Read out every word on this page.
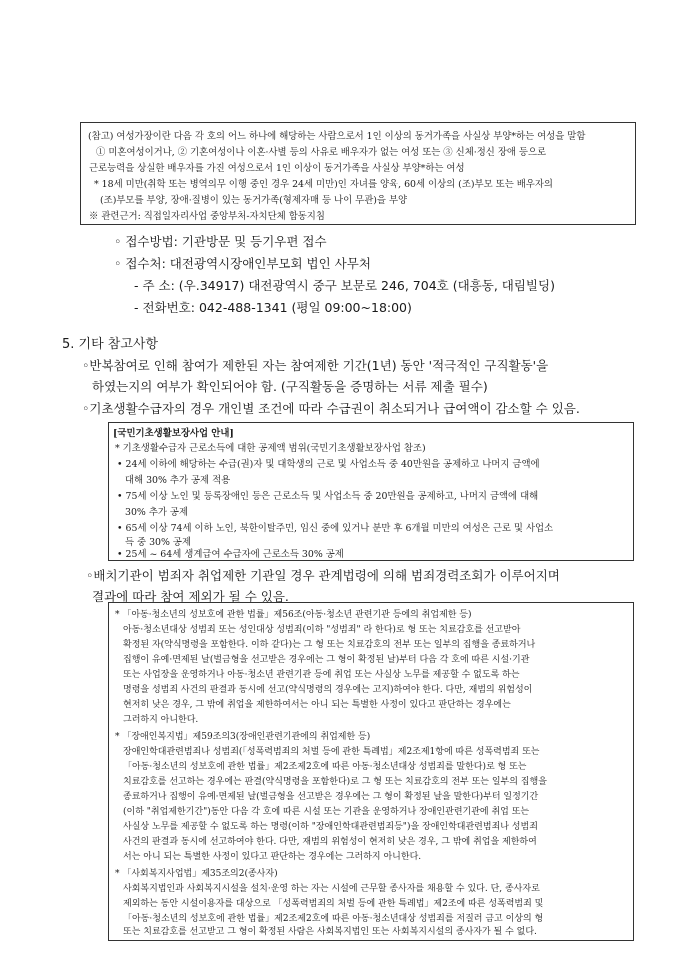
(참고) 여성가장이란 다음 각 호의 어느 하나에 해당하는 사람으로서 1인 이상의 동거가족을 사실상 부양*하는 여성을 말함
① 미혼여성이거나, ② 기혼여성이나 이혼·사별 등의 사유로 배우자가 없는 여성 또는 ③ 신체·정신 장애 등으로
근로능력을 상실한 배우자를 가진 여성으로서 1인 이상이 동거가족을 사실상 부양*하는 여성
* 18세 미만(취학 또는 병역의무 이행 중인 경우 24세 미만)인 자녀를 양육, 60세 이상의 (조)부모 또는 배우자의
(조)부모를 부양, 장애·질병이 있는 동거가족(형제자매 등 나이 무관)을 부양
※ 관련근거: 직접일자리사업 중앙부처-자치단체 합동지침
◦ 접수방법: 기관방문 및 등기우편 접수
◦ 접수처: 대전광역시장애인부모회 법인 사무처
- 주 소: (우.34917) 대전광역시 중구 보문로 246, 704호 (대흥동, 대림빌딩)
- 전화번호: 042-488-1341 (평일 09:00~18:00)
5. 기타 참고사항
◦반복참여로 인해 참여가 제한된 자는 참여제한 기간(1년) 동안 '적극적인 구직활동'을
하였는지의 여부가 확인되어야 함. (구직활동을 증명하는 서류 제출 필수)
◦기초생활수급자의 경우 개인별 조건에 따라 수급권이 취소되거나 급여액이 감소할 수 있음.
[국민기초생활보장사업 안내]
* 기초생활수급자 근로소득에 대한 공제액 범위(국민기초생활보장사업 참조)
• 24세 이하에 해당하는 수급(권)자 및 대학생의 근로 및 사업소득 중 40만원을 공제하고 나머지 금액에
대해 30% 추가 공제 적용
• 75세 이상 노인 및 등록장애인 등은 근로소득 및 사업소득 중 20만원을 공제하고, 나머지 금액에 대해
30% 추가 공제
• 65세 이상 74세 이하 노인, 북한이탈주민, 임신 중에 있거나 분만 후 6개월 미만의 여성은 근로 및 사업소
득 중 30% 공제
• 25세 ~ 64세 생계급여 수급자에 근로소득 30% 공제
◦배치기관이 범죄자 취업제한 기관일 경우 관계법령에 의해 범죄경력조회가 이루어지며
결과에 따라 참여 제외가 될 수 있음.
* 「아동·청소년의 성보호에 관한 법률」제56조(아동·청소년 관련기관 등에의 취업제한 등)
아동·청소년대상 성범죄 또는 성인대상 성범죄(이하 "성범죄" 라 한다)로 형 또는 치료감호를 선고받아
확정된 자(약식명령을 포함한다. 이하 같다)는 그 형 또는 치료감호의 전부 또는 일부의 집행을 종료하거나
집행이 유예·면제된 날(벌금형을 선고받은 경우에는 그 형이 확정된 날)부터 다음 각 호에 따른 시설·기관
또는 사업장을 운영하거나 아동·청소년 관련기관 등에 취업 또는 사실상 노무를 제공할 수 없도록 하는
명령을 성범죄 사건의 판결과 동시에 선고(약식명령의 경우에는 고지)하여야 한다. 다만, 재범의 위험성이
현저히 낮은 경우, 그 밖에 취업을 제한하여서는 아니 되는 특별한 사정이 있다고 판단하는 경우에는
그러하지 아니한다.
* 「장애인복지법」제59조의3(장애인관련기관에의 취업제한 등)
장애인학대관련범죄나 성범죄(「성폭력범죄의 처벌 등에 관한 특례법」제2조제1항에 따른 성폭력범죄 또는
「아동·청소년의 성보호에 관한 법률」제2조제2호에 따른 아동·청소년대상 성범죄를 말한다)로 형 또는
치료감호를 선고하는 경우에는 판결(약식명령을 포함한다)로 그 형 또는 치료감호의 전부 또는 일부의 집행을
종료하거나 집행이 유예·면제된 날(벌금형을 선고받은 경우에는 그 형이 확정된 날을 말한다)부터 일정기간
(이하 "취업제한기간")동안 다음 각 호에 따른 시설 또는 기관을 운영하거나 장애인관련기관에 취업 또는
사실상 노무를 제공할 수 없도록 하는 명령(이하 "장애인학대관련범죄등")을 장애인학대관련범죄나 성범죄
사건의 판결과 동시에 선고하여야 한다. 다만, 재범의 위험성이 현저히 낮은 경우, 그 밖에 취업을 제한하여
서는 아니 되는 특별한 사정이 있다고 판단하는 경우에는 그러하지 아니한다.
* 「사회복지사업법」제35조의2(종사자)
사회복지법인과 사회복지시설을 설치·운영 하는 자는 시설에 근무할 종사자를 채용할 수 있다. 단, 종사자로
제외하는 동안 시설이용자를 대상으로 「성폭력범죄의 처벌 등에 관한 특례법」제2조에 따른 성폭력범죄 및
「아동·청소년의 성보호에 관한 법률」제2조제2호에 따른 아동·청소년대상 성범죄를 저질러 금고 이상의 형
또는 치료감호를 선고받고 그 형이 확정된 사람은 사회복지법인 또는 사회복지시설의 종사자가 될 수 없다.
